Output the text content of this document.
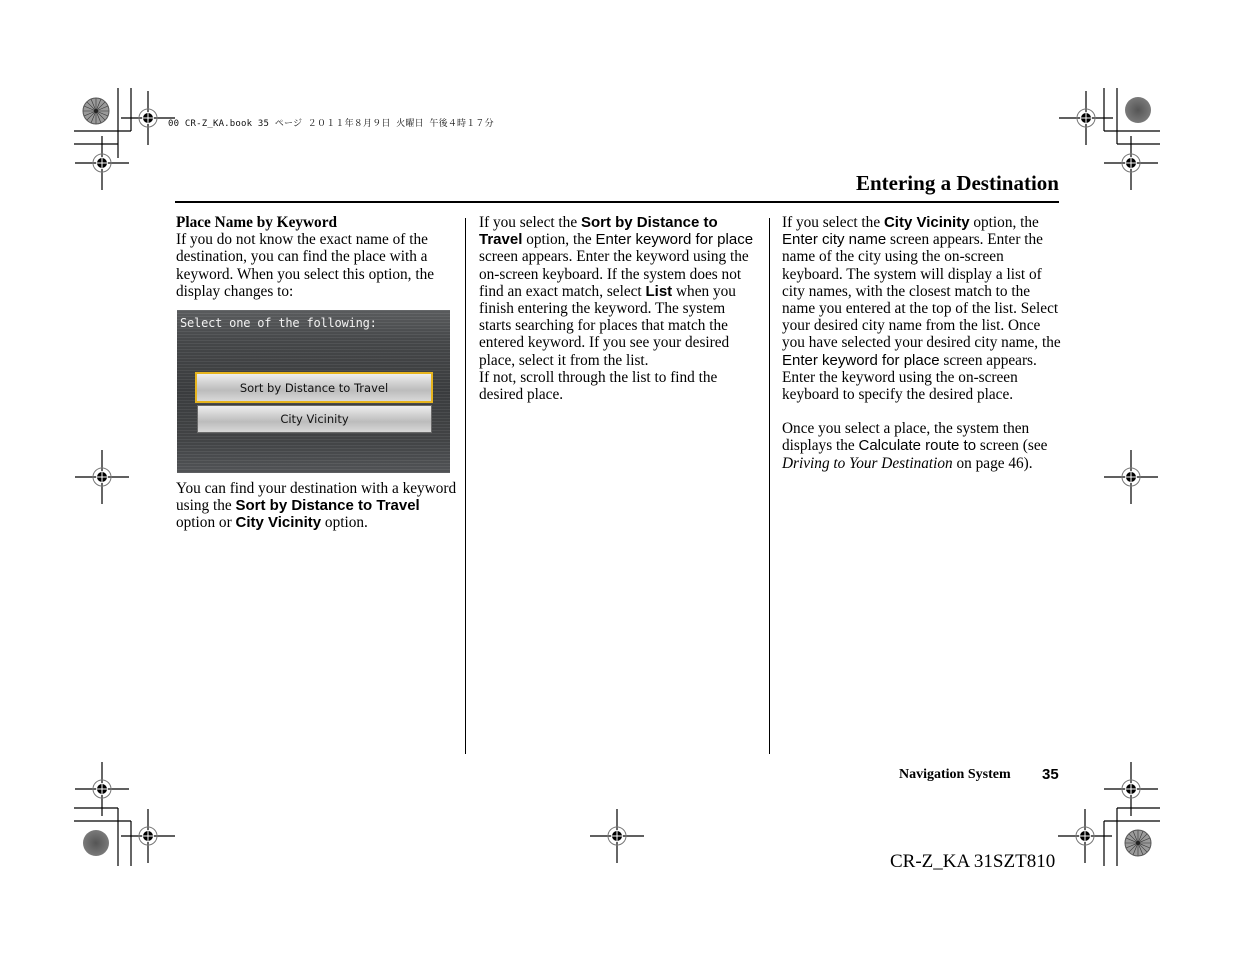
00 CR-Z_KA.book 35 ページ ２０１１年８月９日 火曜日 午後４時１７分
Entering a Destination

Place Name by Keyword

If you do not know the exact name of the destination, you can find the place with a keyword. When you select this option, the display changes to:

Select one of the following:
Sort by Distance to Travel
City Vicinity

You can find your destination with a keyword using the Sort by Distance to Travel option or City Vicinity option.

If you select the Sort by Distance to Travel option, the Enter keyword for place screen appears. Enter the keyword using the on-screen keyboard. If the system does not find an exact match, select List when you finish entering the keyword. The system starts searching for places that match the entered keyword. If you see your desired place, select it from the list.
If not, scroll through the list to find the desired place.

If you select the City Vicinity option, the Enter city name screen appears. Enter the name of the city using the on-screen keyboard. The system will display a list of city names, with the closest match to the name you entered at the top of the list. Select your desired city name from the list. Once you have selected your desired city name, the Enter keyword for place screen appears. Enter the keyword using the on-screen keyboard to specify the desired place.

Once you select a place, the system then displays the Calculate route to screen (see Driving to Your Destination on page 46).

Navigation System 35
CR-Z_KA 31SZT810
